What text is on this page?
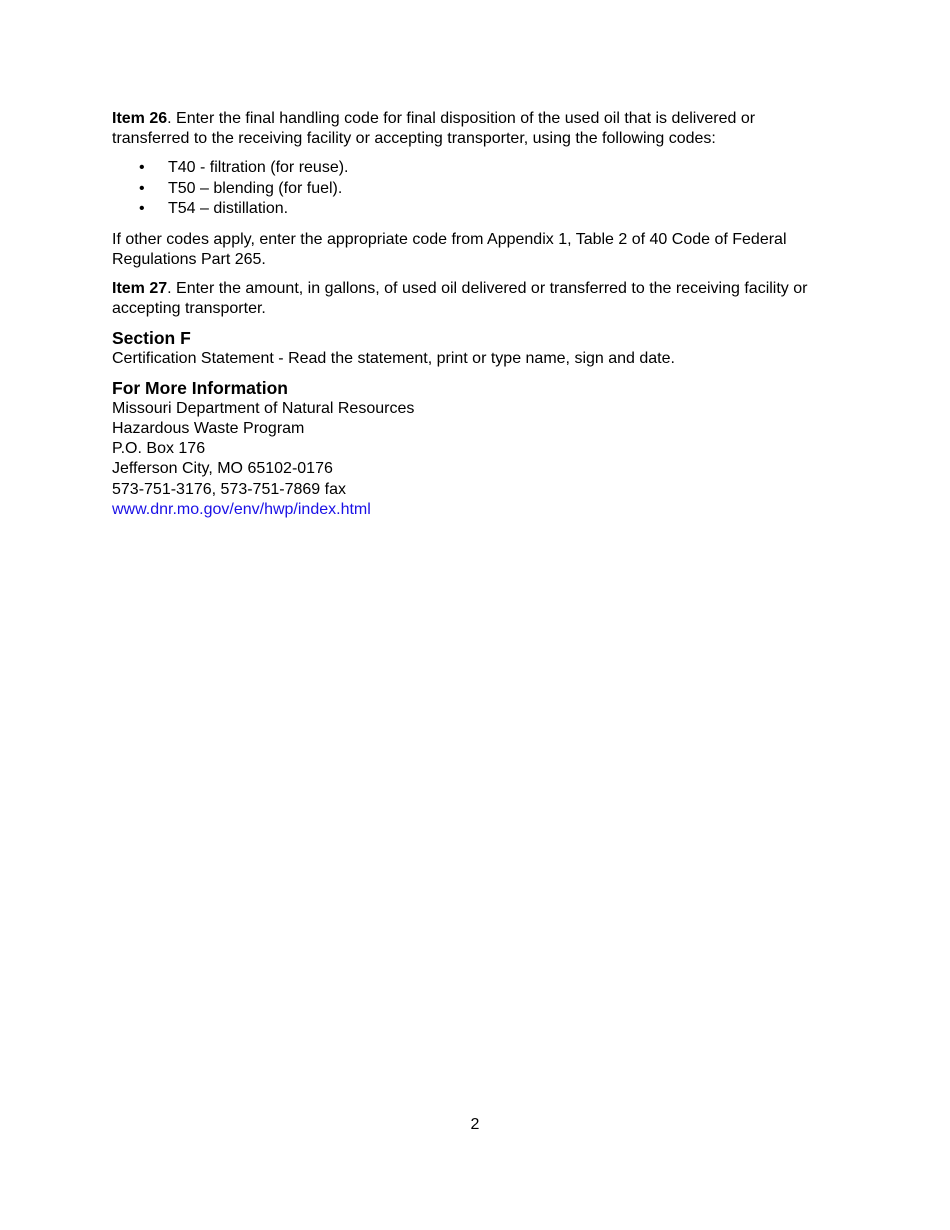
Item 26. Enter the final handling code for final disposition of the used oil that is delivered or transferred to the receiving facility or accepting transporter, using the following codes:

• T40 - filtration (for reuse).
• T50 – blending (for fuel).
• T54 – distillation.

If other codes apply, enter the appropriate code from Appendix 1, Table 2 of 40 Code of Federal Regulations Part 265.

Item 27. Enter the amount, in gallons, of used oil delivered or transferred to the receiving facility or accepting transporter.

Section F

Certification Statement - Read the statement, print or type name, sign and date.

For More Information
Missouri Department of Natural Resources
Hazardous Waste Program
P.O. Box 176
Jefferson City, MO 65102-0176
573-751-3176, 573-751-7869 fax
www.dnr.mo.gov/env/hwp/index.html
2
